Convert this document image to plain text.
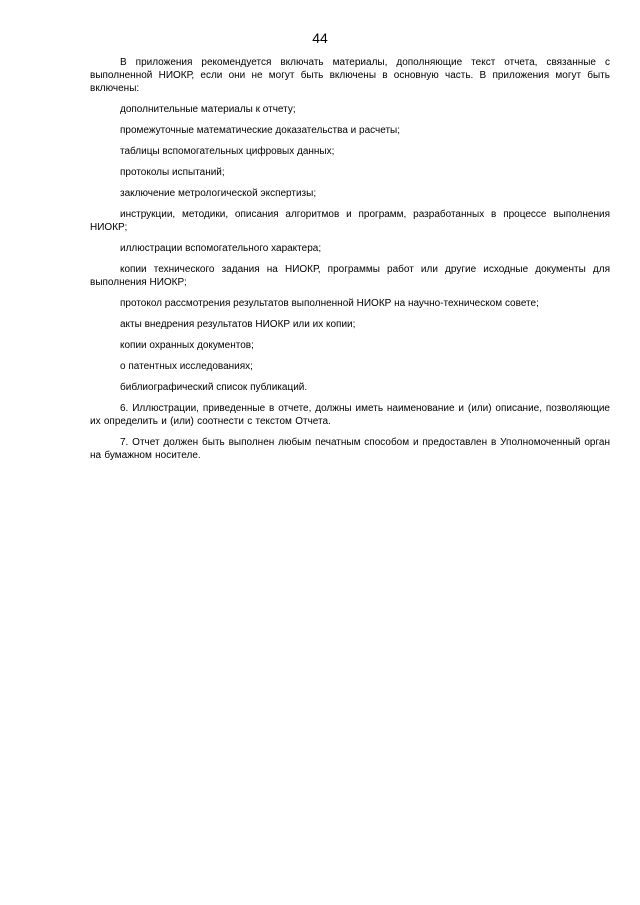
44

В приложения рекомендуется включать материалы, дополняющие текст отчета, связанные с выполненной НИОКР, если они не могут быть включены в основную часть. В приложения могут быть включены:

дополнительные материалы к отчету;

промежуточные математические доказательства и расчеты;

таблицы вспомогательных цифровых данных;

протоколы испытаний;

заключение метрологической экспертизы;

инструкции, методики, описания алгоритмов и программ, разработанных в процессе выполнения НИОКР;

иллюстрации вспомогательного характера;

копии технического задания на НИОКР, программы работ или другие исходные документы для выполнения НИОКР;

протокол рассмотрения результатов выполненной НИОКР на научно-техническом совете;

акты внедрения результатов НИОКР или их копии;

копии охранных документов;

о патентных исследованиях;

библиографический список публикаций.

6. Иллюстрации, приведенные в отчете, должны иметь наименование и (или) описание, позволяющие их определить и (или) соотнести с текстом Отчета.

7. Отчет должен быть выполнен любым печатным способом и предоставлен в Уполномоченный орган на бумажном носителе.
